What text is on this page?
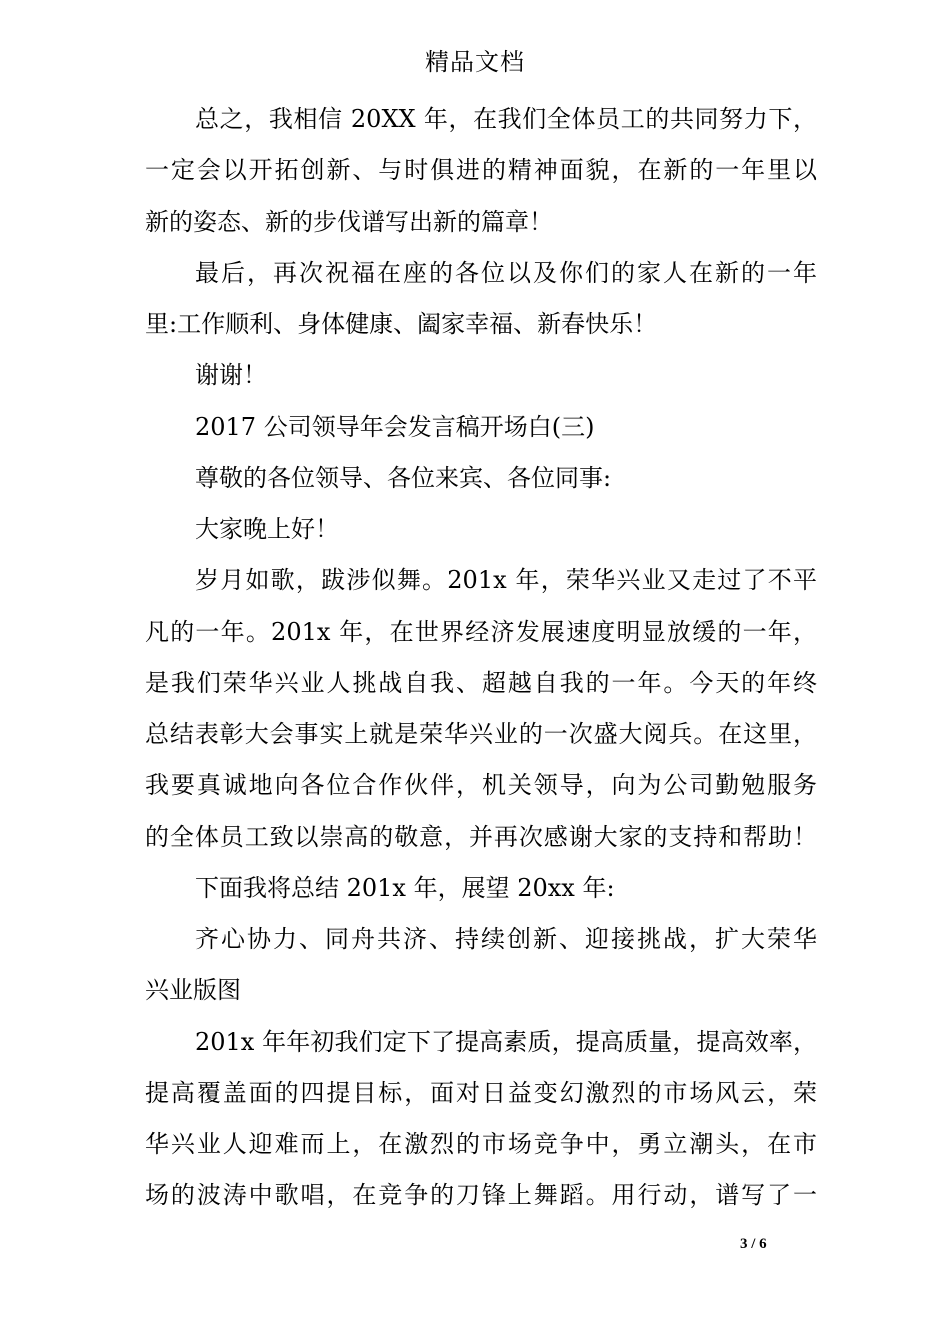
精品文档
总之，我相信 20XX 年，在我们全体员工的共同努力下，
一定会以开拓创新、与时俱进的精神面貌，在新的一年里以
新的姿态、新的步伐谱写出新的篇章！
最后，再次祝福在座的各位以及你们的家人在新的一年
里:工作顺利、身体健康、阖家幸福、新春快乐！
谢谢！
2017 公司领导年会发言稿开场白(三)
尊敬的各位领导、各位来宾、各位同事:
大家晚上好！
岁月如歌，跋涉似舞。201x 年，荣华兴业又走过了不平
凡的一年。201x 年，在世界经济发展速度明显放缓的一年，
是我们荣华兴业人挑战自我、超越自我的一年。今天的年终
总结表彰大会事实上就是荣华兴业的一次盛大阅兵。在这里，
我要真诚地向各位合作伙伴，机关领导，向为公司勤勉服务
的全体员工致以崇高的敬意，并再次感谢大家的支持和帮助！
下面我将总结 201x 年，展望 20xx 年:
齐心协力、同舟共济、持续创新、迎接挑战，扩大荣华
兴业版图
201x 年年初我们定下了提高素质，提高质量，提高效率，
提高覆盖面的四提目标，面对日益变幻激烈的市场风云，荣
华兴业人迎难而上，在激烈的市场竞争中，勇立潮头，在市
场的波涛中歌唱，在竞争的刀锋上舞蹈。用行动，谱写了一
3 / 6
